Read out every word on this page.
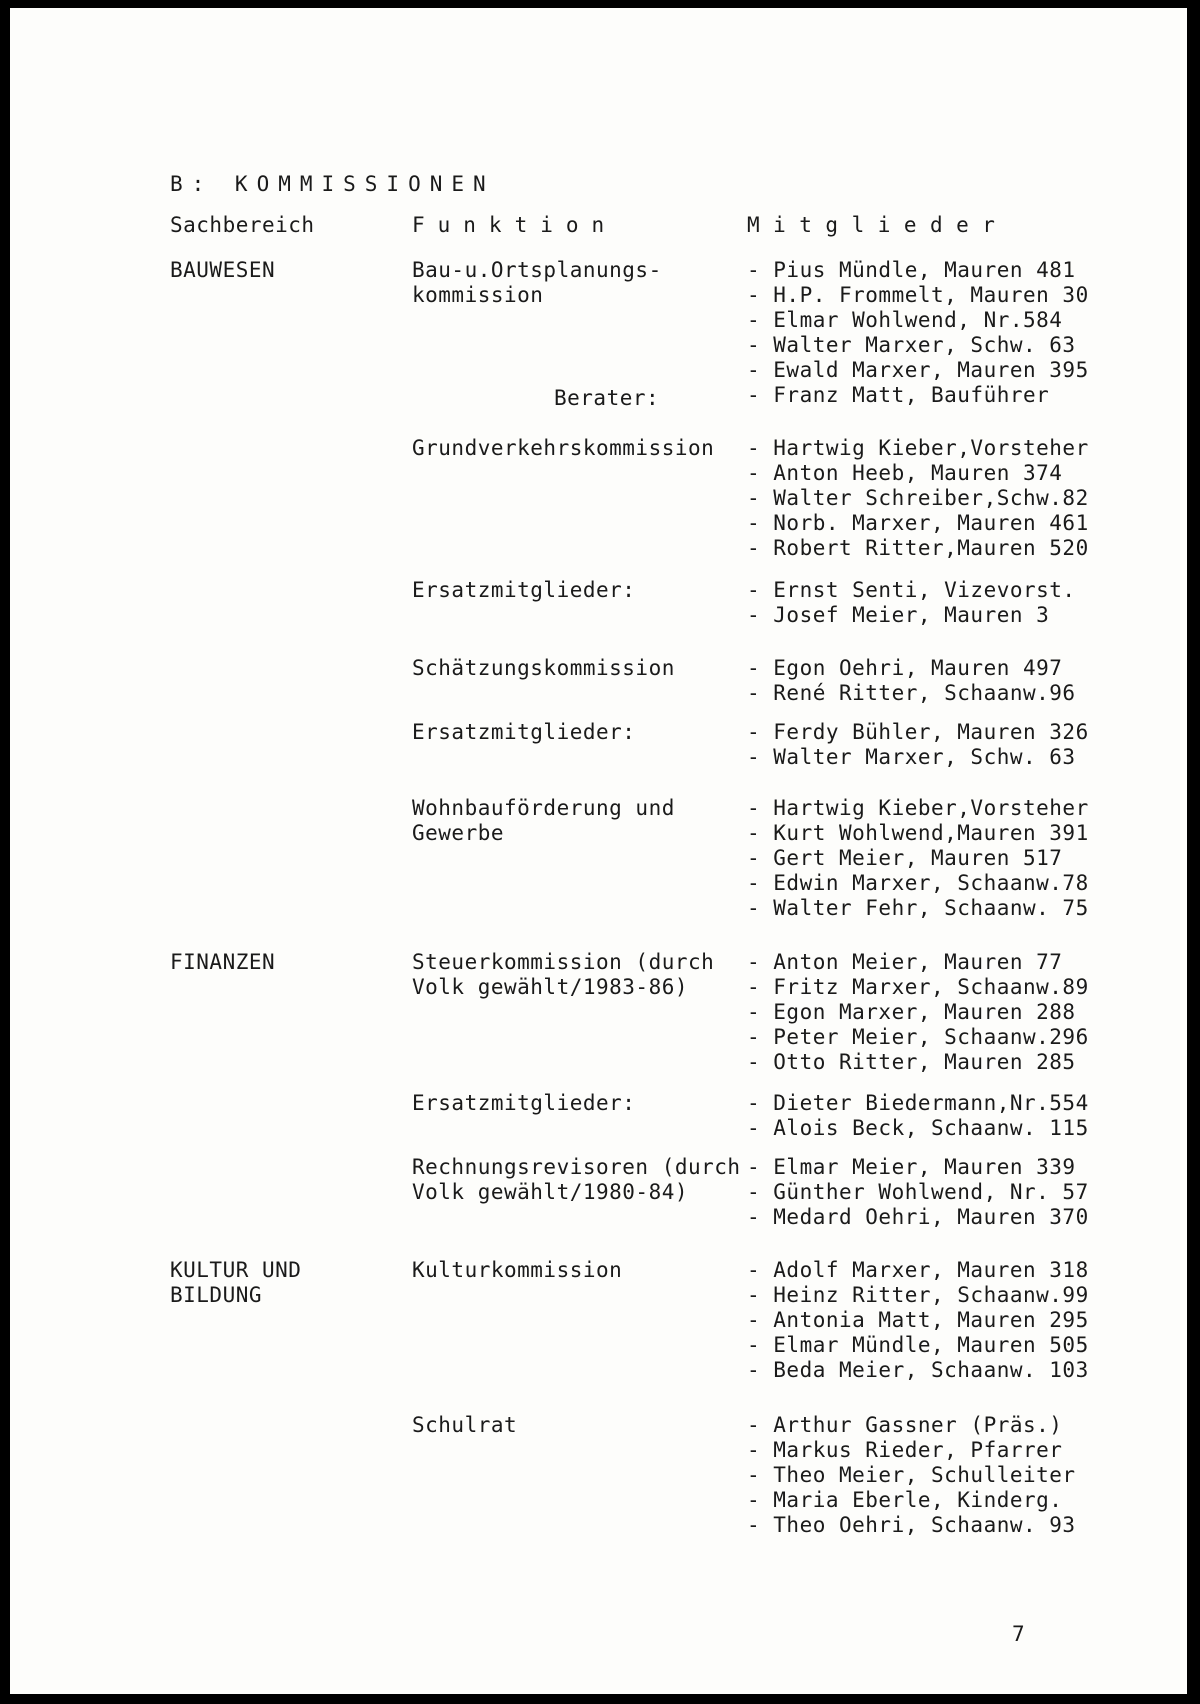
B: KOMMISSIONEN
Sachbereich	Funktion	Mitglieder
BAUWESEN
FINANZEN
KULTUR UND
BILDUNG
Bau-u.Ortsplanungs-
kommission
Berater:
Grundverkehrskommission
Ersatzmitglieder:
Schätzungskommission
Ersatzmitglieder:
Wohnbauförderung und
Gewerbe
Steuerkommission (durch
Volk gewählt/1983-86)
Ersatzmitglieder:
Rechnungsrevisoren (durch
Volk gewählt/1980-84)
Kulturkommission
Schulrat
- Pius Mündle, Mauren 481
- H.P. Frommelt, Mauren 30
- Elmar Wohlwend, Nr.584
- Walter Marxer, Schw. 63
- Ewald Marxer, Mauren 395
- Franz Matt, Bauführer
- Hartwig Kieber,Vorsteher
- Anton Heeb, Mauren 374
- Walter Schreiber,Schw.82
- Norb. Marxer, Mauren 461
- Robert Ritter,Mauren 520
- Ernst Senti, Vizevorst.
- Josef Meier, Mauren 3
- Egon Oehri, Mauren 497
- René Ritter, Schaanw.96
- Ferdy Bühler, Mauren 326
- Walter Marxer, Schw. 63
- Hartwig Kieber,Vorsteher
- Kurt Wohlwend,Mauren 391
- Gert Meier, Mauren 517
- Edwin Marxer, Schaanw.78
- Walter Fehr, Schaanw. 75
- Anton Meier, Mauren 77
- Fritz Marxer, Schaanw.89
- Egon Marxer, Mauren 288
- Peter Meier, Schaanw.296
- Otto Ritter, Mauren 285
- Dieter Biedermann,Nr.554
- Alois Beck, Schaanw. 115
- Elmar Meier, Mauren 339
- Günther Wohlwend, Nr. 57
- Medard Oehri, Mauren 370
- Adolf Marxer, Mauren 318
- Heinz Ritter, Schaanw.99
- Antonia Matt, Mauren 295
- Elmar Mündle, Mauren 505
- Beda Meier, Schaanw. 103
- Arthur Gassner (Präs.)
- Markus Rieder, Pfarrer
- Theo Meier, Schulleiter
- Maria Eberle, Kinderg.
- Theo Oehri, Schaanw. 93
7
